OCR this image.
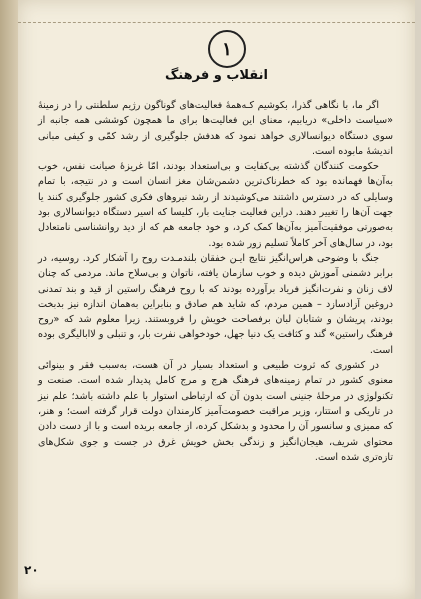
۱
انقلاب و فرهنگ

اگر ما، با نگاهی گذرا، بکوشیم کـه‌همهٔ فعالیت‌های گوناگون رژیم سلطنتی را در زمینهٔ «سیاست داخلی» دریابیم، معنای این فعالیت‌ها برای ما همچون کوششی همه جانبه از سوی دستگاه دیوانسالاری خواهد نمود که هدفش جلوگیری از رشد کمّی و کیفی مبانی اندیشهٔ مابوده است.

حکومت کنندگان گذشته بی‌کفایت و بی‌استعداد بودند، امّا غریزهٔ صیانت نفس، خوب به‌آن‌ها فهمانده بود که خطرناک‌ترین دشمن‌شان مغز انسان است و در نتیجه، با تمام وسایلی که در دسترس داشتند می‌کوشیدند از رشد نیروهای فکری کشور جلوگیری کنند یا جهت آن‌ها را تغییر دهند. دراین فعالیت جنایت بار، کلیسا که اسیر دستگاه دیوانسالاری بود به‌صورتی موفقیت‌آمیز به‌آن‌ها کمک کرد، و خود جامعه هم که از دید روانشناسی نامتعادل بود، در سال‌های آخر کاملاً تسلیم زور شده بود.

جنگ با وضوحی هراس‌انگیز نتایج ایـن خفقان بلندمـدت روح را آشکار کرد. روسیه، در برابر دشمنی آموزش دیده و خوب سازمان یافته، ناتوان و بی‌سلاح ماند. مردمی که چنان لاف زنان و نفرت‌انگیز فریاد برآورده بودند که با روح فرهنگ راستین از قید و بند تمدنی دروغین آزادسازد – همین مردم، که شاید هم صادق و بنابراین به‌همان اندازه نیز بدبخت بودند، پریشان و شتابان لبان برفصاحت خویش را فروبستند. زیرا معلوم شد که «روح فرهنگ راستین» گند و کثافت یک دنیا جهل، خودخواهی نفرت بار، و تنبلی و لاابالیگری بوده است.

در کشوری که ثروت طبیعی و استعداد بسیار در آن هست، به‌سبب فقر و بینوائی معنوی کشور در تمام زمینه‌های فرهنگ هرج و مرج کامل پدیدار شده است. صنعت و تکنولوژی در مرحلهٔ جنینی است بدون آن که ارتباطی استوار با علم داشته باشد؛ علم نیز در تاریکی و استتار، وزیر مراقبت خصومت‌آمیز کارمندان دولت قرار گرفته است؛ و هنر، که ممیزی و سانسور آن را محدود و بدشکل کرده، از جامعه بریده است و با از دست دادن محتوای شریف، هیجان‌انگیز و زندگی بخش خویش غرق در جست و جوی شکل‌های تازه‌تری شده است.

۲۰
